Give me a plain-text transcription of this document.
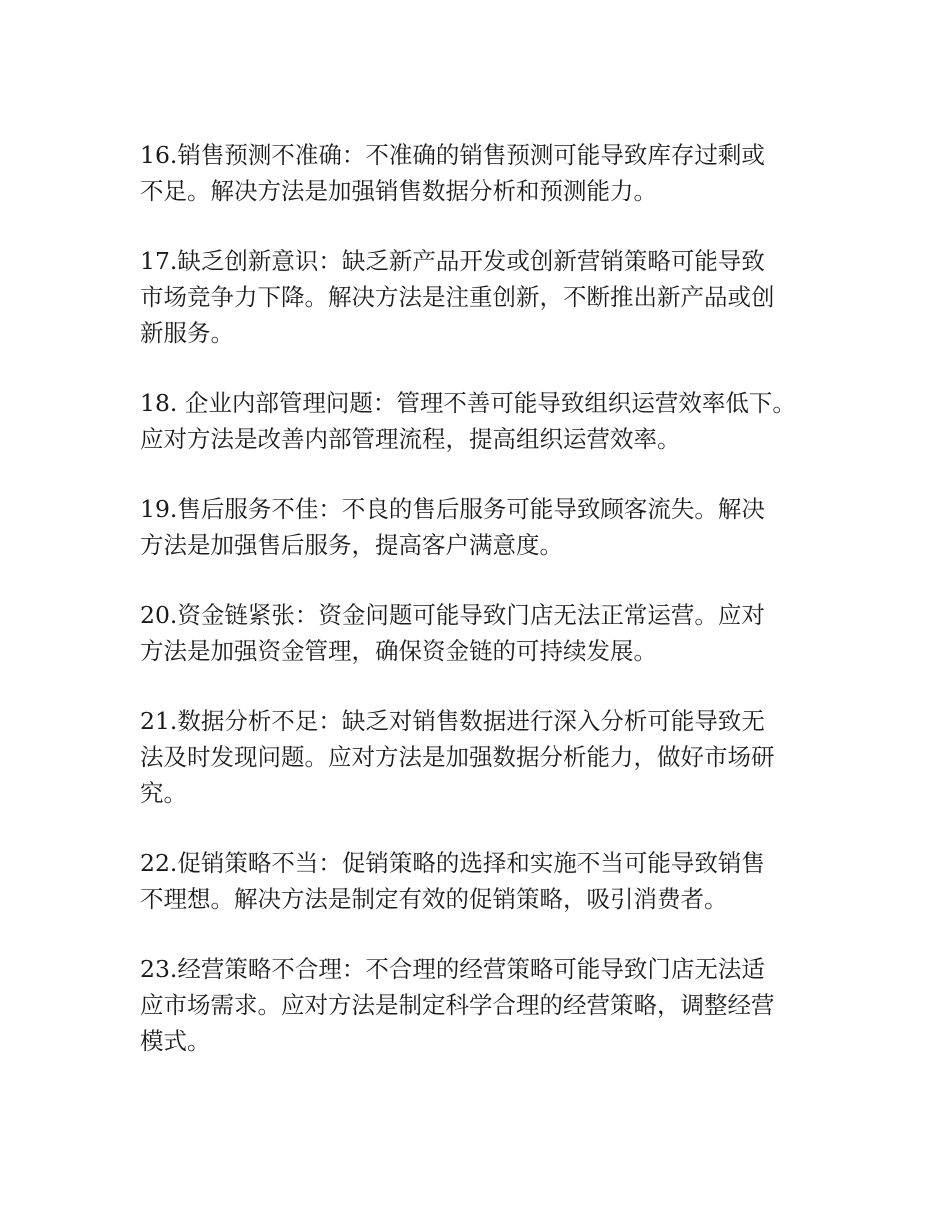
16.销售预测不准确：不准确的销售预测可能导致库存过剩或
不足。解决方法是加强销售数据分析和预测能力。

17.缺乏创新意识：缺乏新产品开发或创新营销策略可能导致
市场竞争力下降。解决方法是注重创新，不断推出新产品或创
新服务。

18. 企业内部管理问题：管理不善可能导致组织运营效率低下。
应对方法是改善内部管理流程，提高组织运营效率。

19.售后服务不佳：不良的售后服务可能导致顾客流失。解决
方法是加强售后服务，提高客户满意度。

20.资金链紧张：资金问题可能导致门店无法正常运营。应对
方法是加强资金管理，确保资金链的可持续发展。

21.数据分析不足：缺乏对销售数据进行深入分析可能导致无
法及时发现问题。应对方法是加强数据分析能力，做好市场研
究。

22.促销策略不当：促销策略的选择和实施不当可能导致销售
不理想。解决方法是制定有效的促销策略，吸引消费者。

23.经营策略不合理：不合理的经营策略可能导致门店无法适
应市场需求。应对方法是制定科学合理的经营策略，调整经营
模式。
